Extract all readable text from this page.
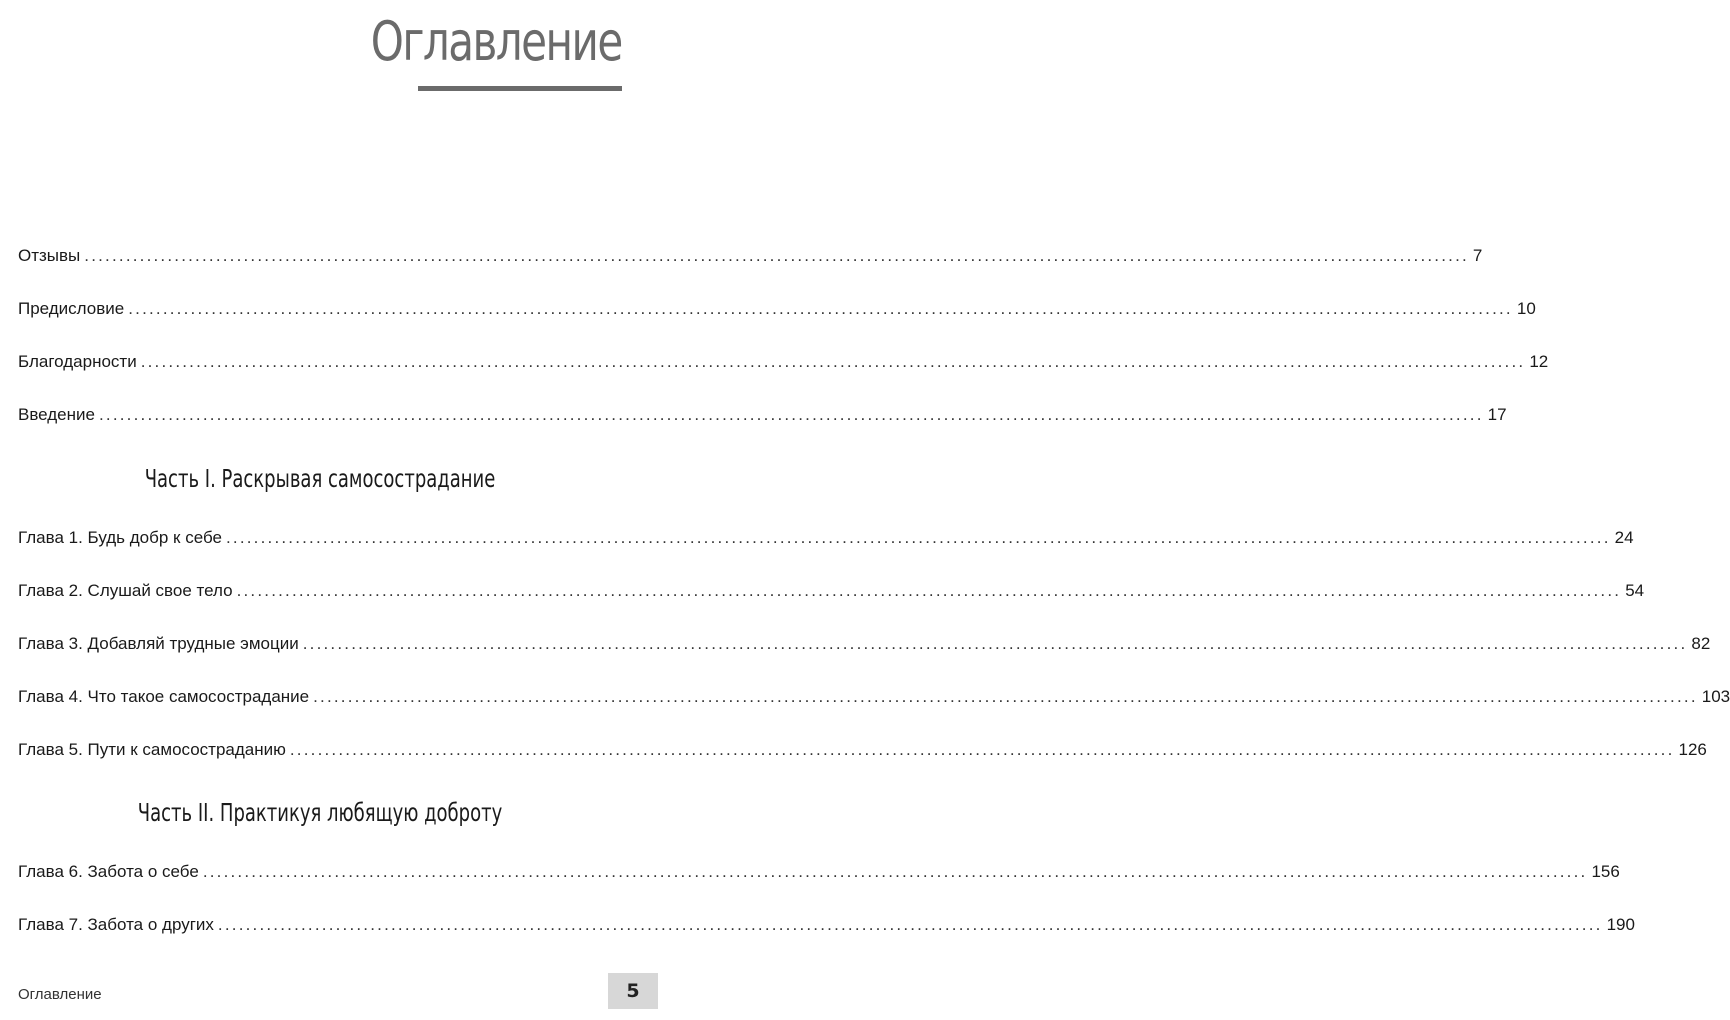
Оглавление
Отзывы ........................................................................................................................................................................................................ 7
Предисловие ........................................................................................................................................................................................................ 10
Благодарности ........................................................................................................................................................................................................ 12
Введение ........................................................................................................................................................................................................ 17
Часть I. Раскрывая самосострадание
Глава 1. Будь добр к себе ........................................................................................................................................................................................................ 24
Глава 2. Слушай свое тело ........................................................................................................................................................................................................ 54
Глава 3. Добавляй трудные эмоции ........................................................................................................................................................................................................ 82
Глава 4. Что такое самосострадание ........................................................................................................................................................................................................ 103
Глава 5. Пути к самосостраданию ........................................................................................................................................................................................................ 126
Часть II. Практикуя любящую доброту
Глава 6. Забота о себе ........................................................................................................................................................................................................ 156
Глава 7. Забота о других ........................................................................................................................................................................................................ 190
Оглавление	5
